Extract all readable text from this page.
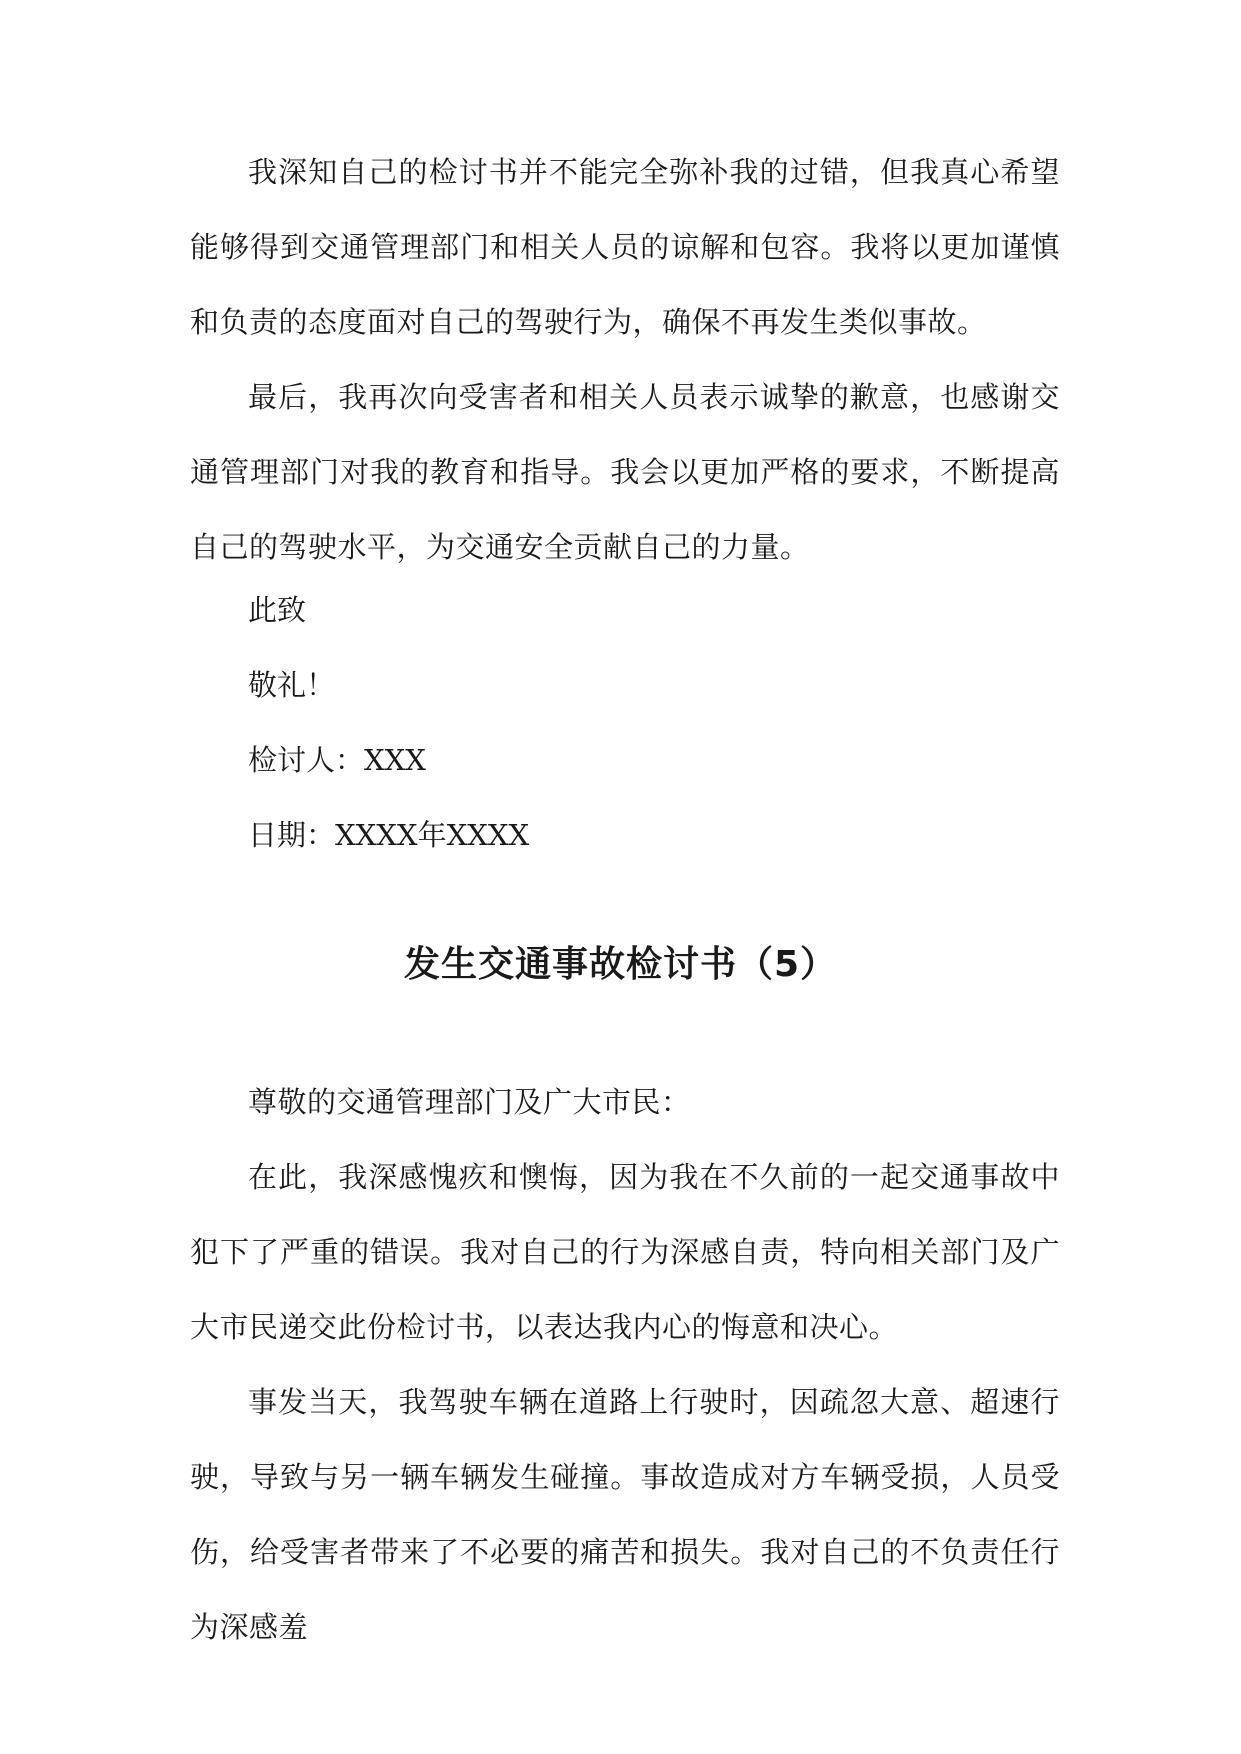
我深知自己的检讨书并不能完全弥补我的过错，但我真心希望能够得到交通管理部门和相关人员的谅解和包容。我将以更加谨慎和负责的态度面对自己的驾驶行为，确保不再发生类似事故。

最后，我再次向受害者和相关人员表示诚挚的歉意，也感谢交通管理部门对我的教育和指导。我会以更加严格的要求，不断提高自己的驾驶水平，为交通安全贡献自己的力量。

此致
敬礼！
检讨人：XXX
日期：XXXX年XXXX
发生交通事故检讨书（5）

尊敬的交通管理部门及广大市民：

在此，我深感愧疚和懊悔，因为我在不久前的一起交通事故中犯下了严重的错误。我对自己的行为深感自责，特向相关部门及广大市民递交此份检讨书，以表达我内心的悔意和决心。

事发当天，我驾驶车辆在道路上行驶时，因疏忽大意、超速行驶，导致与另一辆车辆发生碰撞。事故造成对方车辆受损，人员受伤，给受害者带来了不必要的痛苦和损失。我对自己的不负责任行为深感羞
